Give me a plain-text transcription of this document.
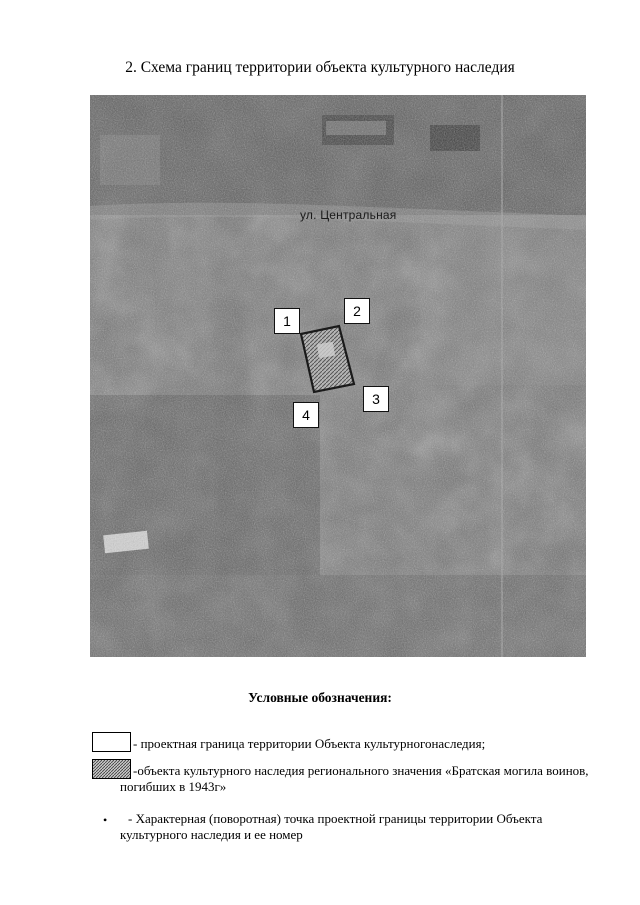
2. Схема границ территории объекта культурного наследия
ул. Центральная
1
2
3
4
Условные обозначения:
- проектная граница территории Объекта культурногонаследия;
-объекта культурного наследия регионального значения «Братская могила воинов,
погибших в 1943г»
• - Характерная (поворотная) точка проектной границы территории Объекта
культурного наследия и ее номер
